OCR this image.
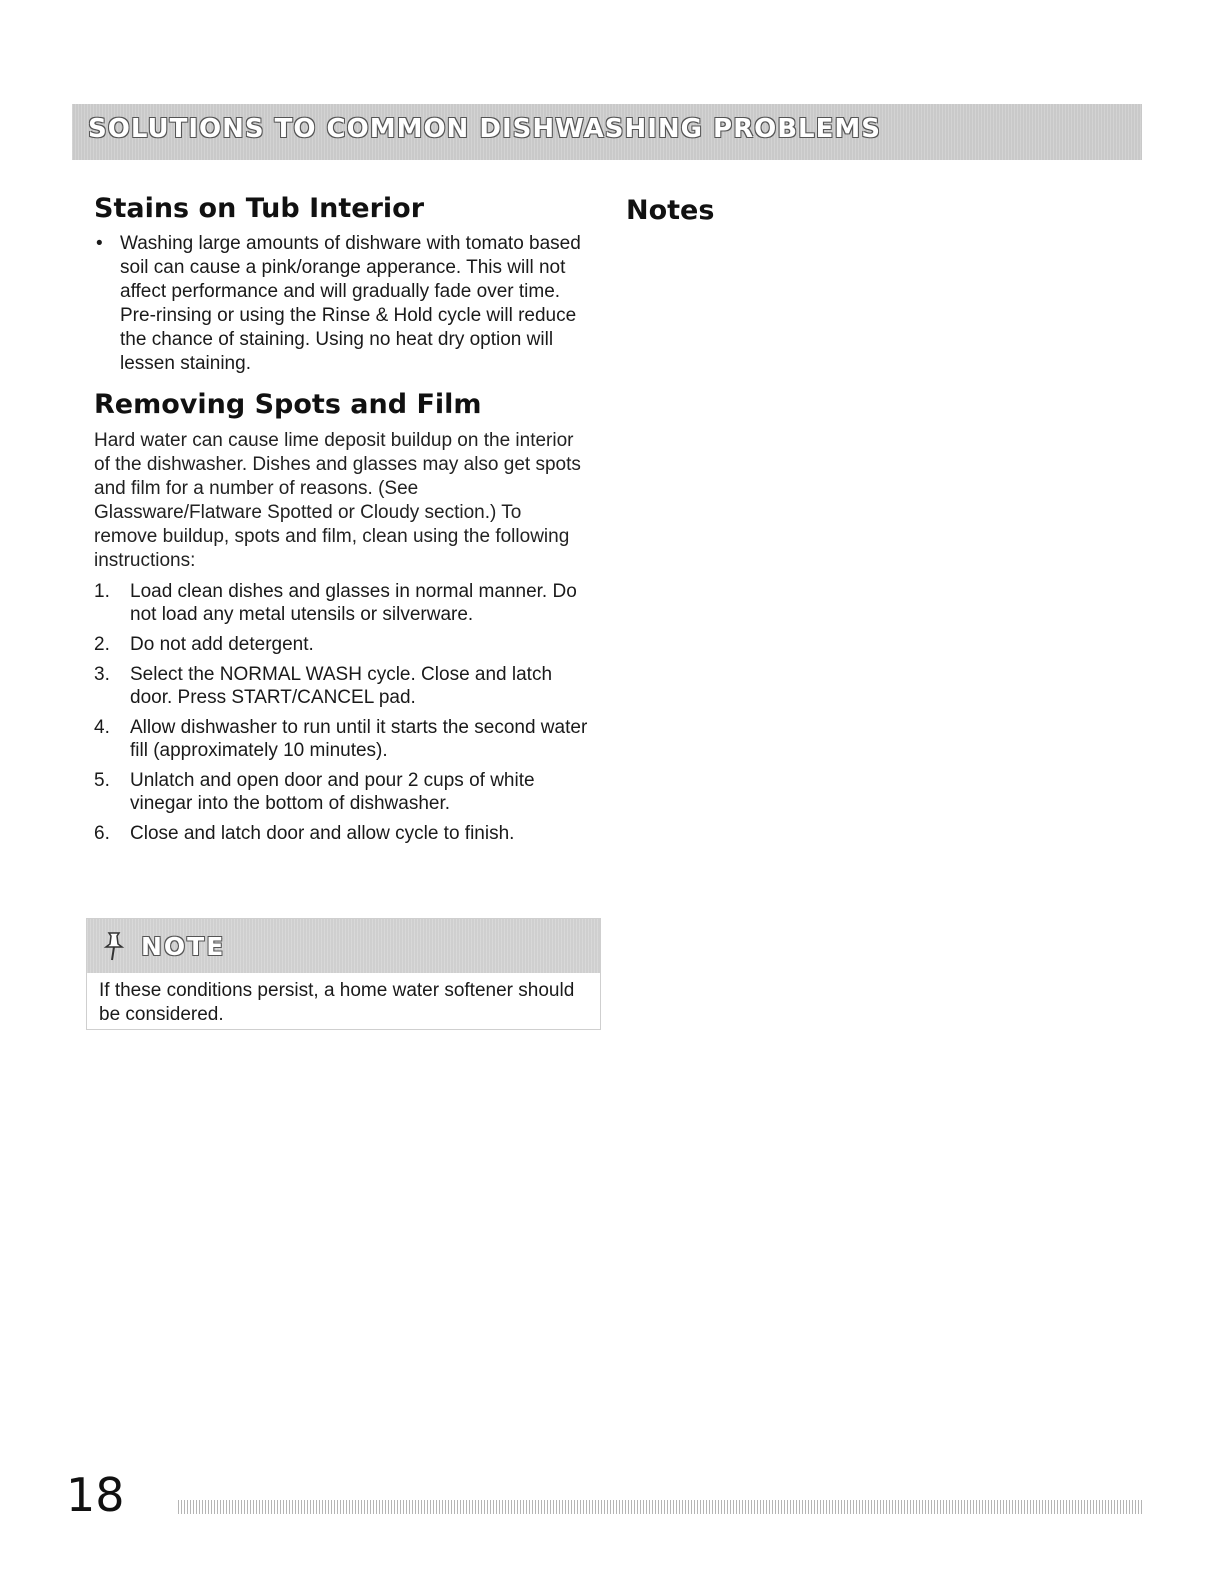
SOLUTIONS TO COMMON DISHWASHING PROBLEMS
Stains on Tub Interior
• Washing large amounts of dishware with tomato based soil can cause a pink/orange apperance. This will not affect performance and will gradually fade over time. Pre-rinsing or using the Rinse & Hold cycle will reduce the chance of staining. Using no heat dry option will lessen staining.
Notes
Removing Spots and Film

Hard water can cause lime deposit buildup on the interior of the dishwasher. Dishes and glasses may also get spots and film for a number of reasons. (See Glassware/Flatware Spotted or Cloudy section.) To remove buildup, spots and film, clean using the following instructions:

1. Load clean dishes and glasses in normal manner. Do not load any metal utensils or silverware.
2. Do not add detergent.
3. Select the NORMAL WASH cycle. Close and latch door. Press START/CANCEL pad.
4. Allow dishwasher to run until it starts the second water fill (approximately 10 minutes).
5. Unlatch and open door and pour 2 cups of white vinegar into the bottom of dishwasher.
6. Close and latch door and allow cycle to finish.
NOTE
If these conditions persist, a home water softener should be considered.
18
